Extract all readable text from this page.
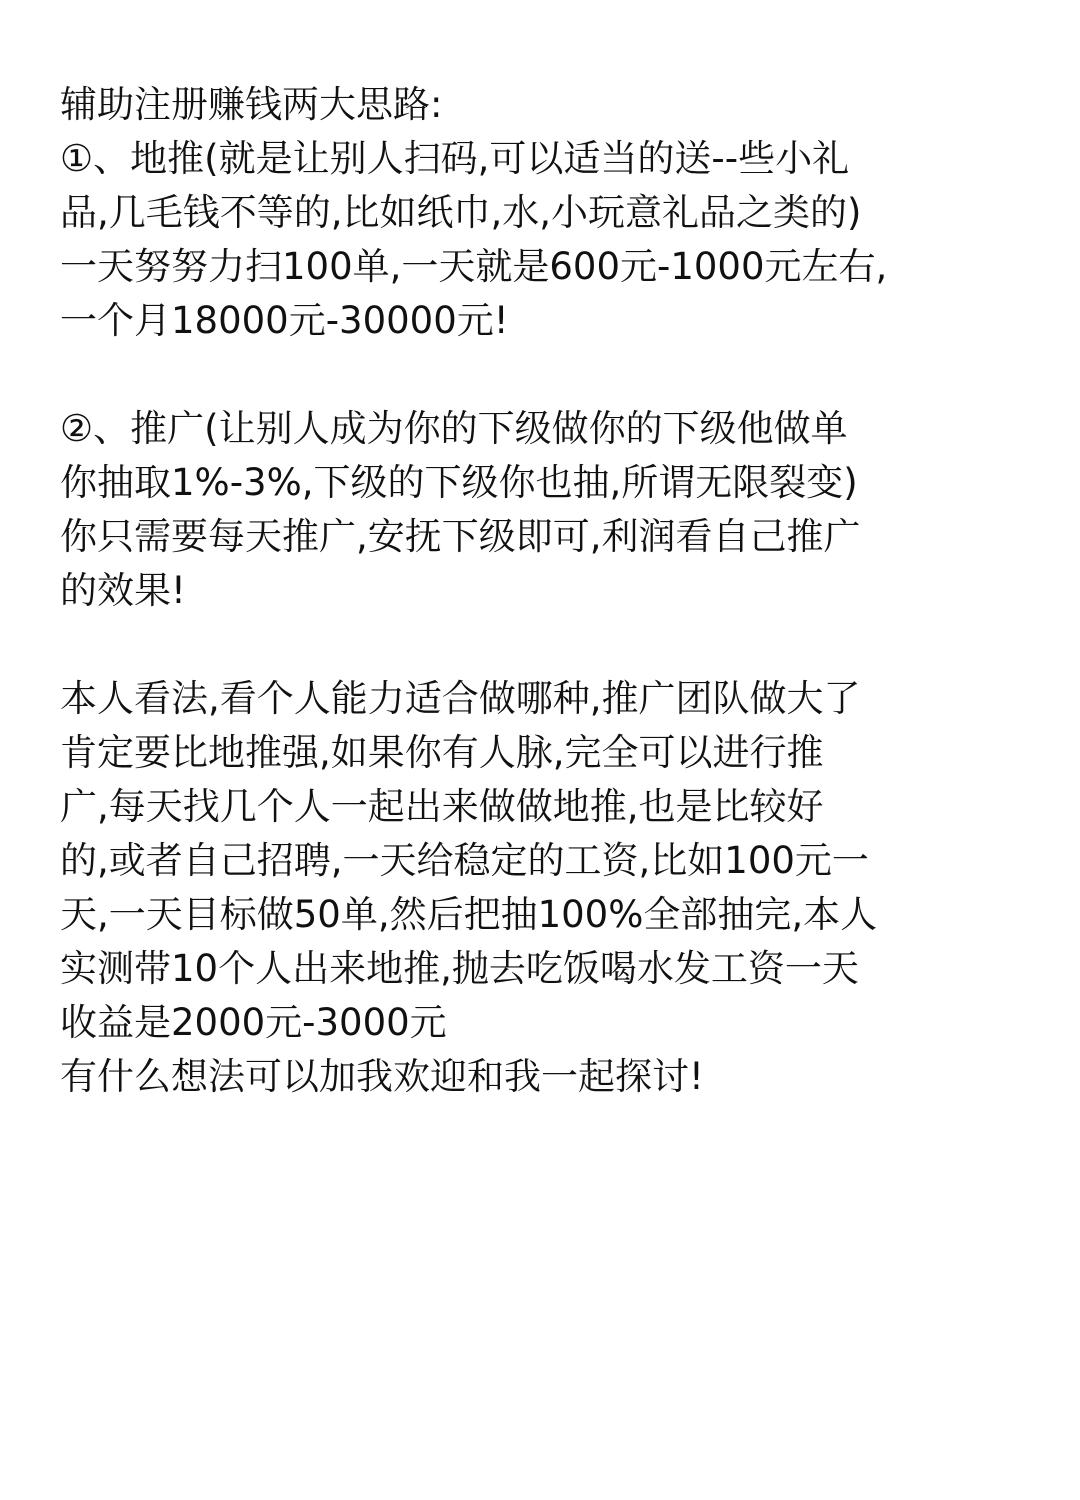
辅助注册赚钱两大思路:
①、地推(就是让别人扫码,可以适当的送--些小礼
品,几毛钱不等的,比如纸巾,水,小玩意礼品之类的)
一天努努力扫100单,一天就是600元-1000元左右,
一个月18000元-30000元!
②、推广(让别人成为你的下级做你的下级他做单
你抽取1%-3%,下级的下级你也抽,所谓无限裂变)
你只需要每天推广,安抚下级即可,利润看自己推广
的效果!
本人看法,看个人能力适合做哪种,推广团队做大了
肯定要比地推强,如果你有人脉,完全可以进行推
广,每天找几个人一起出来做做地推,也是比较好
的,或者自己招聘,一天给稳定的工资,比如100元一
天,一天目标做50单,然后把抽100%全部抽完,本人
实测带10个人出来地推,抛去吃饭喝水发工资一天
收益是2000元-3000元
有什么想法可以加我欢迎和我一起探讨!
